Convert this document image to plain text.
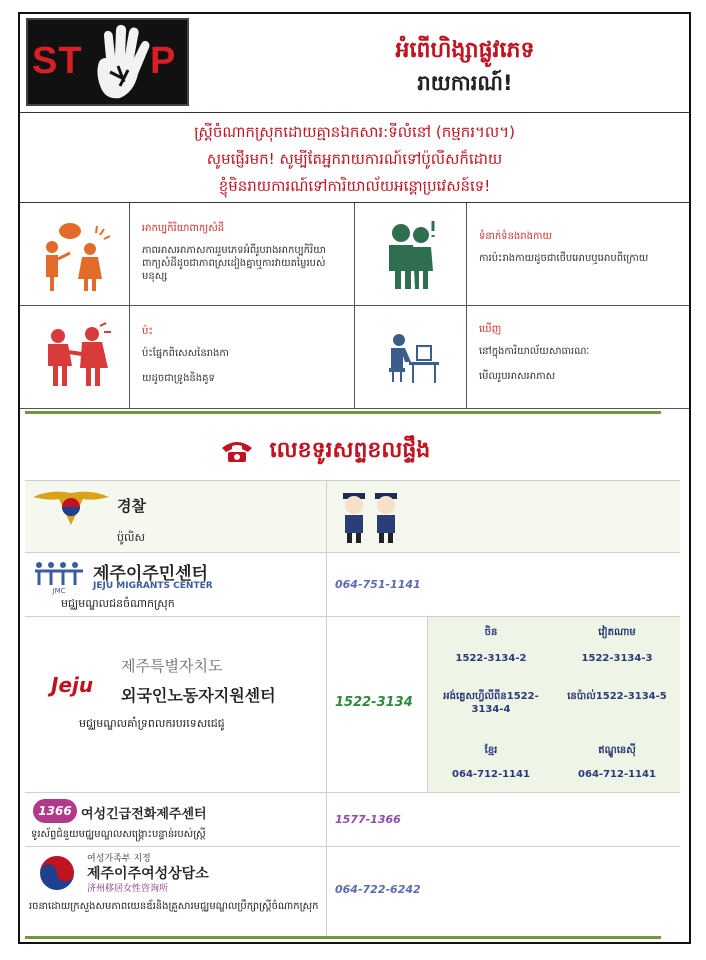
ST P	អំពើហិង្សាផ្លូវភេទ
រាយការណ៍!
ស្ត្រីចំណាកស្រុកដោយគ្មានឯកសារ:ទីលំនៅ (កម្មករ។ល។)
សូមផ្ញើរមក! សូម្បីតែអ្នករាយការណ៍ទៅប៉ូលីសក៏ដោយ
ខ្ញុំមិនរាយការណ៍ទៅការិយាល័យអន្តោប្រវេសន៍ទេ!
អាកប្បកិរិយាពាក្យសំដី
ភាពអាសអាភាសការរួមភេទអំពីរូបរាងអាកប្បកិរិយាពាក្យសំដីដូចជាភាពស្រដៀងគ្នាឬការវាយតម្លៃរបស់មនុស្ស
ទំនាក់ទំនងរាងកាយ
ការប៉ះរាងកាយដូចជាថើបអោបឬអោបពីក្រោយ
ប៉ះ
ប៉ះផ្នែកពិសេសនៃរាងកា
យដូចជាទ្រូងនិងគូទ
ឃើញ
នៅក្នុងការិយាល័យសាធារណៈ
មើលរូបអាសអាភាស
លេខទូរសព្ទខលផ្ទឹង
경찰
ប៉ូលិស
JMC
제주이주민센터
JEJU MIGRANTS CENTER
មជ្ឈមណ្ឌលជនចំណាកស្រុក
064-751-1141
제주특별자치도
Jeju 외국인노동자지원센터
មជ្ឈមណ្ឌលគាំទ្រពលករបរទេសជេជូ
1522-3134
ចិន	វៀតណាម
1522-3134-2	1522-3134-3
អង់គ្លេសហ្វីលីពីន1522-3134-4
នេប៉ាល់1522-3134-5
ខ្មែរ	ឥណ្ឌូនេស៊ី
064-712-1141	064-712-1141
1366 여성긴급전화제주센터
ទូរស័ព្ទជំនួយមជ្ឈមណ្ឌលសង្គ្រោះបន្ទាន់របស់ស្ត្រី
1577-1366
여성가족부 지정
제주이주여성상담소
济州移居女性咨询所
រចនាដោយក្រសួងសមភាពយេនឌ័រនិងគ្រួសារមជ្ឈមណ្ឌលប្រឹក្សាស្ត្រីចំណាកស្រុក
064-722-6242
